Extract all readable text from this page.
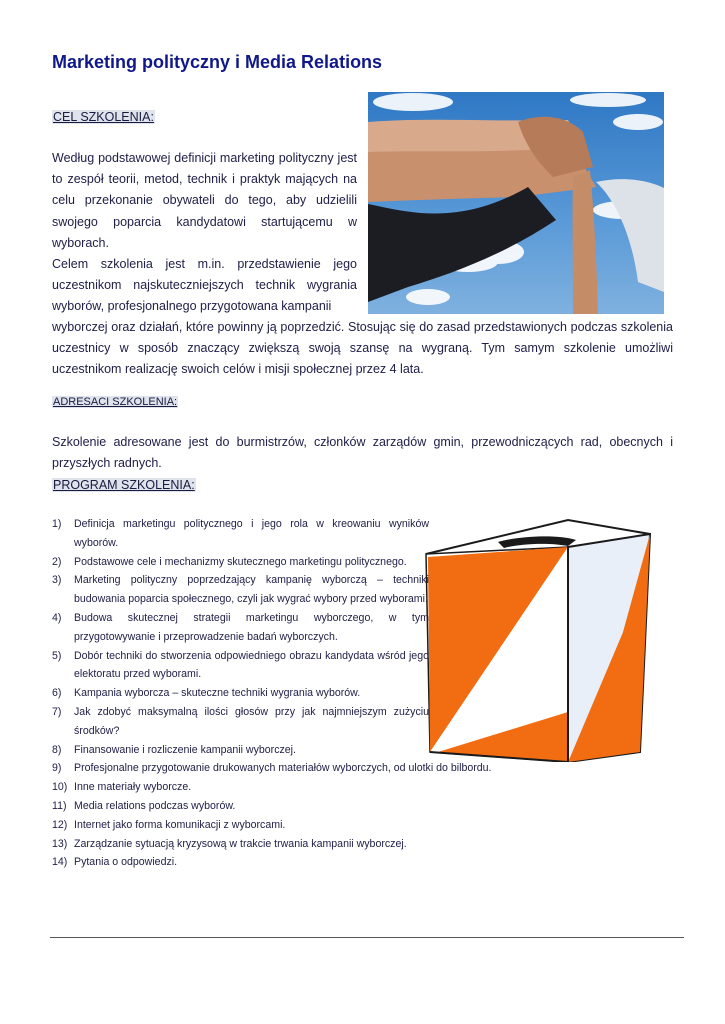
Marketing polityczny i Media Relations
CEL SZKOLENIA:
Według podstawowej definicji marketing polityczny jest to zespół teorii, metod, technik i praktyk mających na celu przekonanie obywateli do tego, aby udzielili swojego poparcia kandydatowi startującemu w wyborach.
Celem szkolenia jest m.in. przedstawienie jego uczestnikom najskuteczniejszych technik wygrania wyborów, profesjonalnego przygotowana kampanii
wyborczej oraz działań, które powinny ją poprzedzić. Stosując się do zasad przedstawionych podczas szkolenia uczestnicy w sposób znaczący zwiększą swoją szansę na wygraną. Tym samym szkolenie umożliwi uczestnikom realizację swoich celów i misji społecznej przez 4 lata.
ADRESACI SZKOLENIA:
Szkolenie adresowane jest do burmistrzów, członków zarządów gmin, przewodniczących rad, obecnych i przyszłych radnych.
PROGRAM SZKOLENIA:
1) Definicja marketingu politycznego i jego rola w kreowaniu wyników wyborów.
2) Podstawowe cele i mechanizmy skutecznego marketingu politycznego.
3) Marketing polityczny poprzedzający kampanię wyborczą – techniki budowania poparcia społecznego, czyli jak wygrać wybory przed wyborami.
4) Budowa skutecznej strategii marketingu wyborczego, w tym przygotowywanie i przeprowadzenie badań wyborczych.
5) Dobór techniki do stworzenia odpowiedniego obrazu kandydata wśród jego elektoratu przed wyborami.
6) Kampania wyborcza – skuteczne techniki wygrania wyborów.
7) Jak zdobyć maksymalną ilości głosów przy jak najmniejszym zużyciu środków?
8) Finansowanie i rozliczenie kampanii wyborczej.
9) Profesjonalne przygotowanie drukowanych materiałów wyborczych, od ulotki do bilbordu.
10) Inne materiały wyborcze.
11) Media relations podczas wyborów.
12) Internet jako forma komunikacji z wyborcami.
13) Zarządzanie sytuacją kryzysową w trakcie trwania kampanii wyborczej.
14) Pytania o odpowiedzi.
